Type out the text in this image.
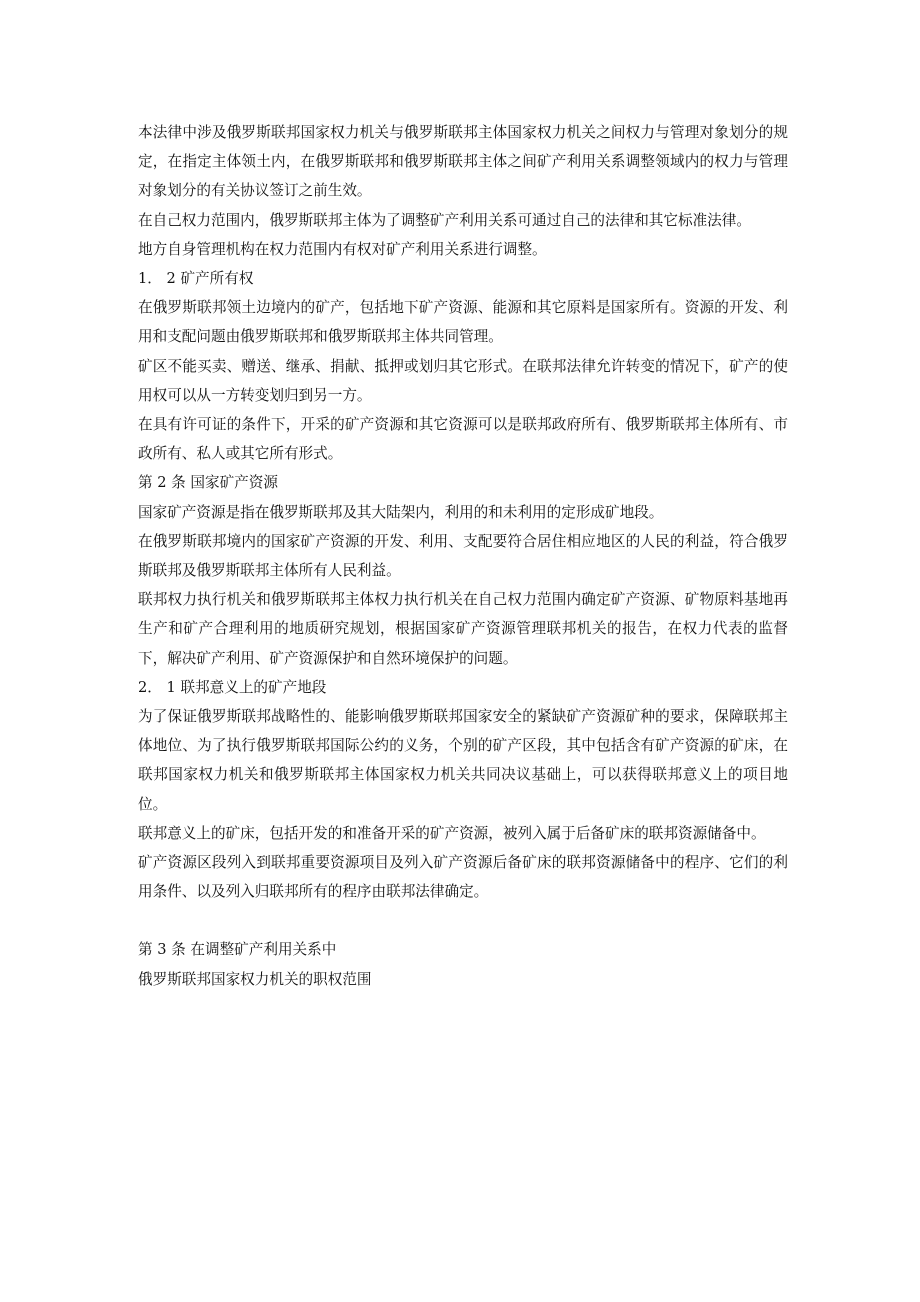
本法律中涉及俄罗斯联邦国家权力机关与俄罗斯联邦主体国家权力机关之间权力与管理对象划分的规定，在指定主体领土内，在俄罗斯联邦和俄罗斯联邦主体之间矿产利用关系调整领域内的权力与管理对象划分的有关协议签订之前生效。

在自己权力范围内，俄罗斯联邦主体为了调整矿产利用关系可通过自己的法律和其它标准法律。

地方自身管理机构在权力范围内有权对矿产利用关系进行调整。

1． 2 矿产所有权

在俄罗斯联邦领土边境内的矿产，包括地下矿产资源、能源和其它原料是国家所有。资源的开发、利用和支配问题由俄罗斯联邦和俄罗斯联邦主体共同管理。

矿区不能买卖、赠送、继承、捐献、抵押或划归其它形式。在联邦法律允许转变的情况下，矿产的使用权可以从一方转变划归到另一方。

在具有许可证的条件下，开采的矿产资源和其它资源可以是联邦政府所有、俄罗斯联邦主体所有、市政所有、私人或其它所有形式。

第 2 条 国家矿产资源

国家矿产资源是指在俄罗斯联邦及其大陆架内，利用的和未利用的定形成矿地段。

在俄罗斯联邦境内的国家矿产资源的开发、利用、支配要符合居住相应地区的人民的利益，符合俄罗斯联邦及俄罗斯联邦主体所有人民利益。

联邦权力执行机关和俄罗斯联邦主体权力执行机关在自己权力范围内确定矿产资源、矿物原料基地再生产和矿产合理利用的地质研究规划，根据国家矿产资源管理联邦机关的报告，在权力代表的监督下，解决矿产利用、矿产资源保护和自然环境保护的问题。

2． 1 联邦意义上的矿产地段

为了保证俄罗斯联邦战略性的、能影响俄罗斯联邦国家安全的紧缺矿产资源矿种的要求，保障联邦主体地位、为了执行俄罗斯联邦国际公约的义务，个别的矿产区段，其中包括含有矿产资源的矿床，在联邦国家权力机关和俄罗斯联邦主体国家权力机关共同决议基础上，可以获得联邦意义上的项目地位。

联邦意义上的矿床，包括开发的和准备开采的矿产资源，被列入属于后备矿床的联邦资源储备中。

矿产资源区段列入到联邦重要资源项目及列入矿产资源后备矿床的联邦资源储备中的程序、它们的利用条件、以及列入归联邦所有的程序由联邦法律确定。

第 3 条 在调整矿产利用关系中

俄罗斯联邦国家权力机关的职权范围
